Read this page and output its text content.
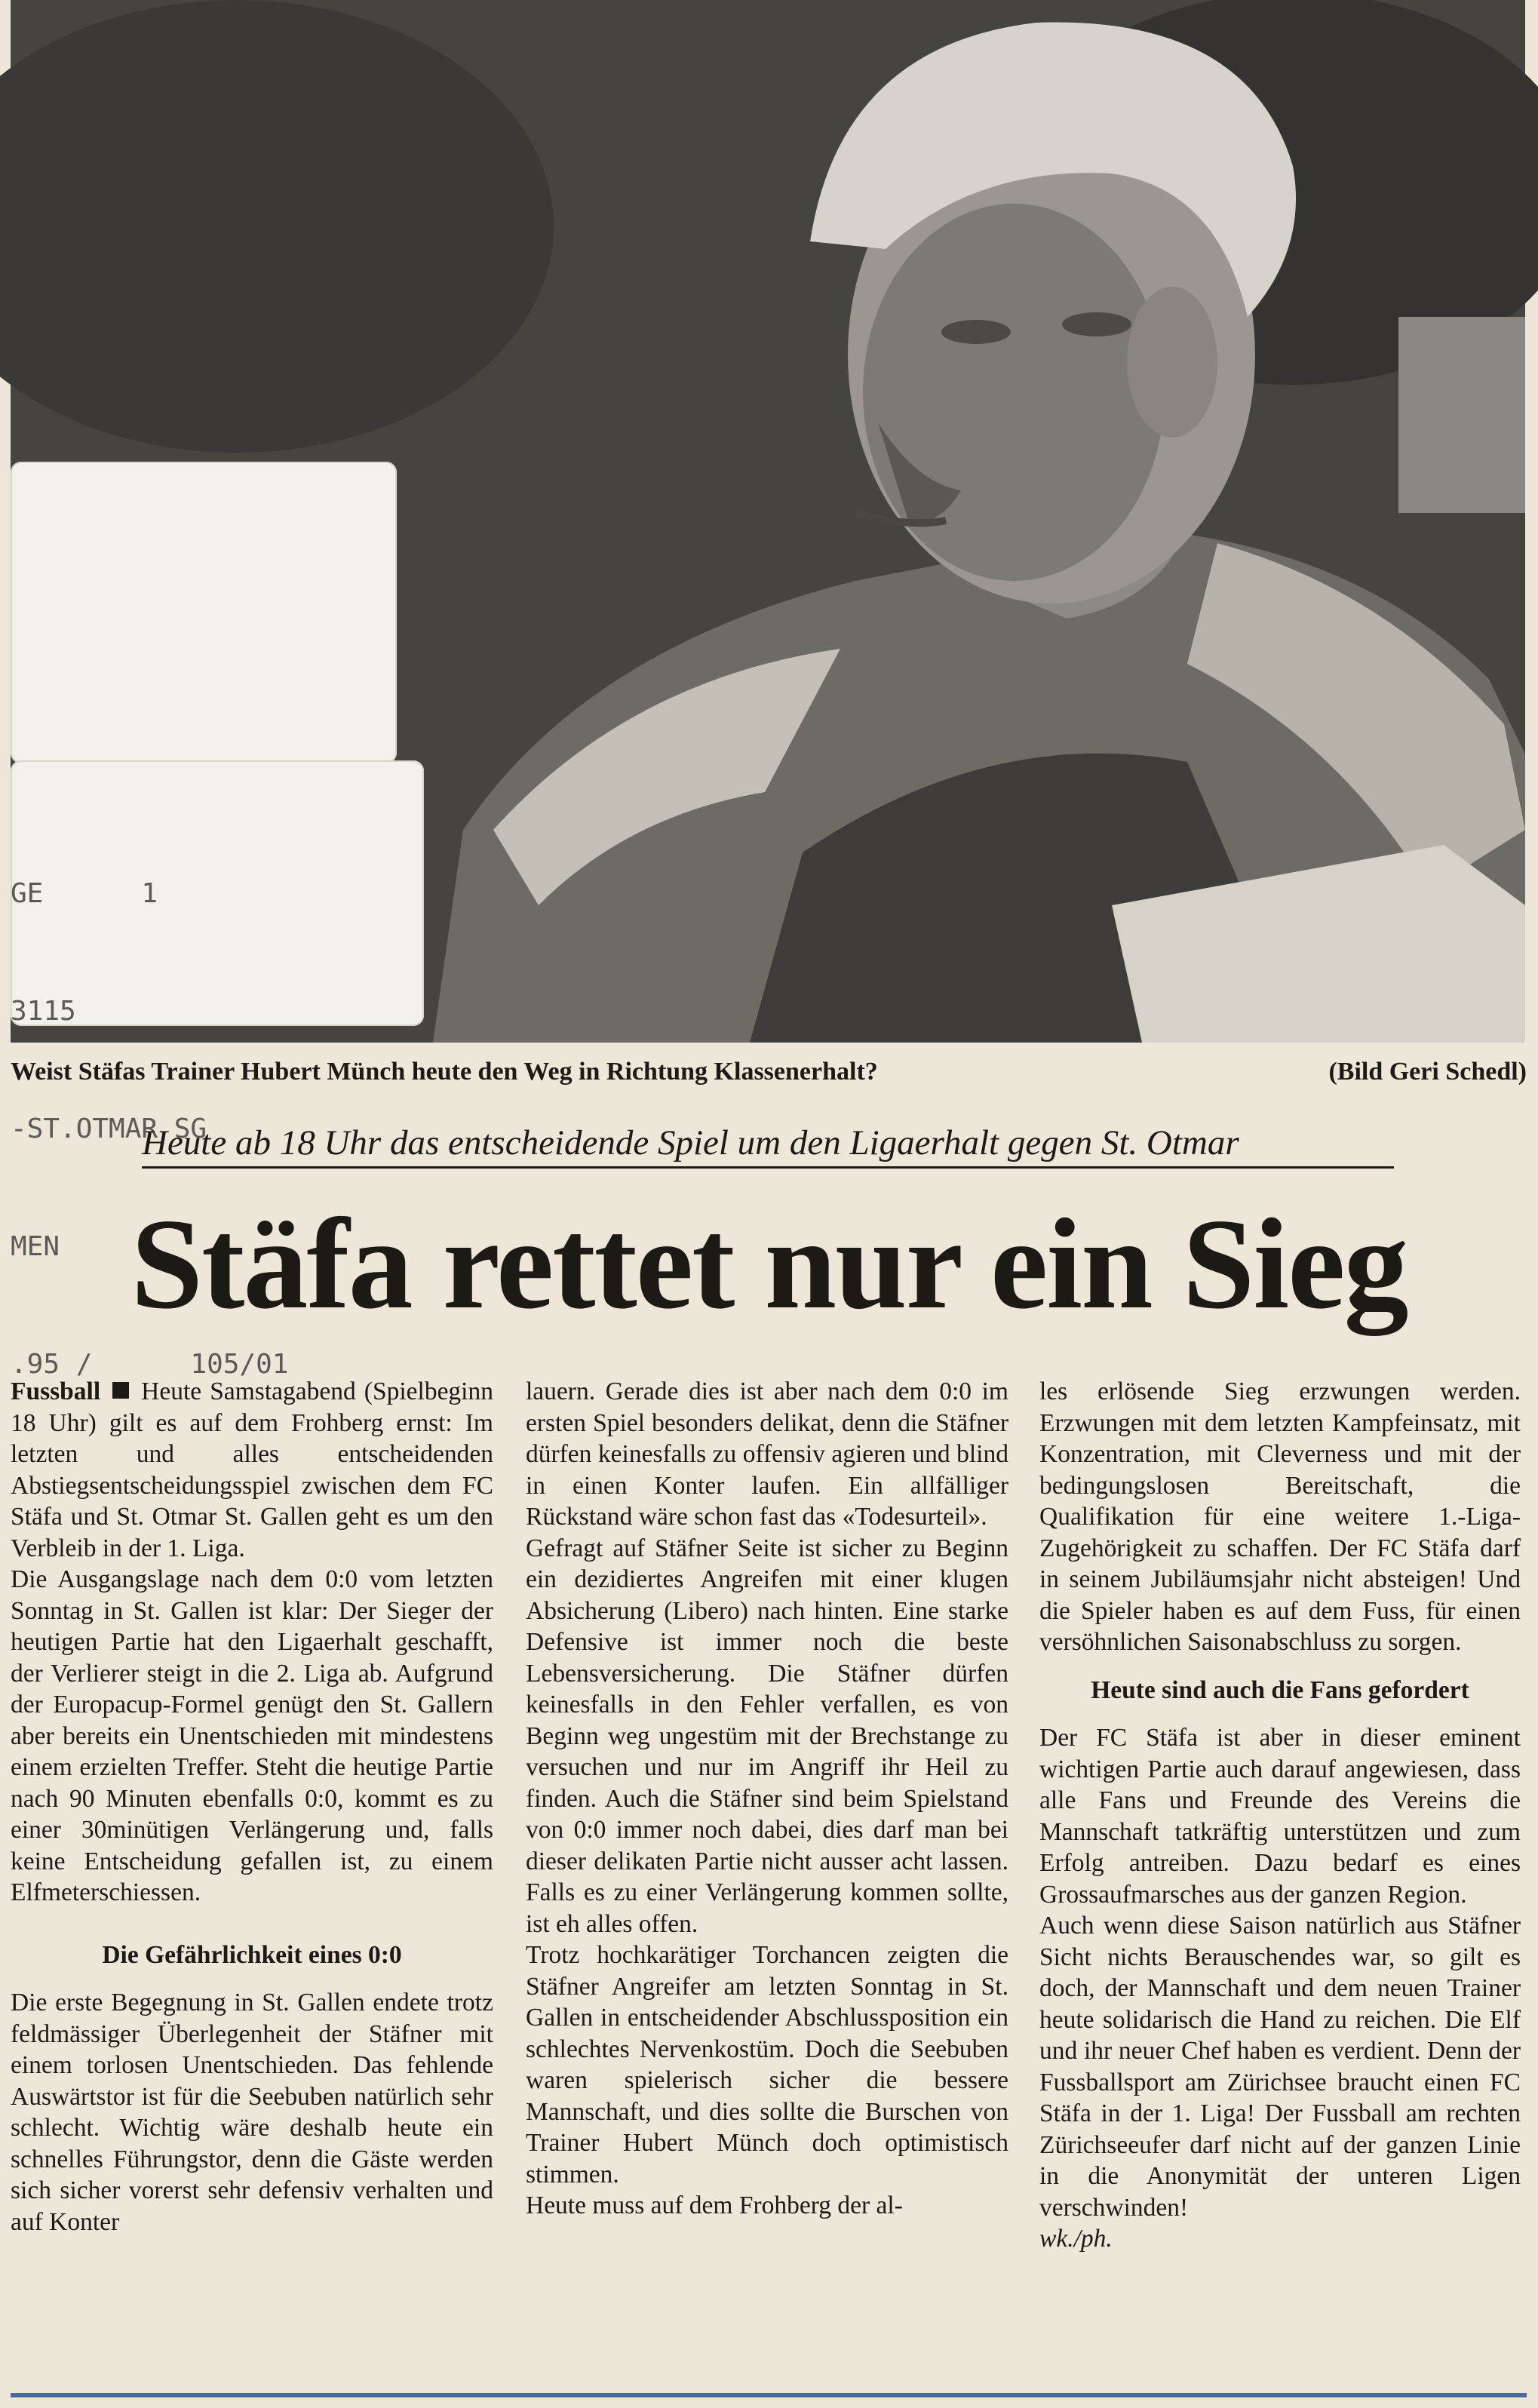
GE      1

3115

-ST.OTMAR SG

MEN

.95 /      105/01

Weist Stäfas Trainer Hubert Münch heute den Weg in Richtung Klassenerhalt?	(Bild Geri Schedl)
Heute ab 18 Uhr das entscheidende Spiel um den Ligaerhalt gegen St. Otmar
Stäfa rettet nur ein Sieg

Fussball Heute Samstagabend (Spielbeginn 18 Uhr) gilt es auf dem Frohberg ernst: Im letzten und alles entscheidenden Abstiegsentscheidungsspiel zwischen dem FC Stäfa und St. Otmar St. Gallen geht es um den Verbleib in der 1. Liga.

Die Ausgangslage nach dem 0:0 vom letzten Sonntag in St. Gallen ist klar: Der Sieger der heutigen Partie hat den Ligaerhalt geschafft, der Verlierer steigt in die 2. Liga ab. Aufgrund der Europacup-Formel genügt den St. Gallern aber bereits ein Unentschieden mit mindestens einem erzielten Treffer. Steht die heutige Partie nach 90 Minuten ebenfalls 0:0, kommt es zu einer 30minütigen Verlängerung und, falls keine Entscheidung gefallen ist, zu einem Elfmeterschiessen.

Die Gefährlichkeit eines 0:0

Die erste Begegnung in St. Gallen endete trotz feldmässiger Überlegenheit der Stäfner mit einem torlosen Unentschieden. Das fehlende Auswärtstor ist für die Seebuben natürlich sehr schlecht. Wichtig wäre deshalb heute ein schnelles Führungstor, denn die Gäste werden sich sicher vorerst sehr defensiv verhalten und auf Konter

lauern. Gerade dies ist aber nach dem 0:0 im ersten Spiel besonders delikat, denn die Stäfner dürfen keinesfalls zu offensiv agieren und blind in einen Konter laufen. Ein allfälliger Rückstand wäre schon fast das «Todesurteil».

Gefragt auf Stäfner Seite ist sicher zu Beginn ein dezidiertes Angreifen mit einer klugen Absicherung (Libero) nach hinten. Eine starke Defensive ist immer noch die beste Lebensversicherung. Die Stäfner dürfen keinesfalls in den Fehler verfallen, es von Beginn weg ungestüm mit der Brechstange zu versuchen und nur im Angriff ihr Heil zu finden. Auch die Stäfner sind beim Spielstand von 0:0 immer noch dabei, dies darf man bei dieser delikaten Partie nicht ausser acht lassen. Falls es zu einer Verlängerung kommen sollte, ist eh alles offen.

Trotz hochkarätiger Torchancen zeigten die Stäfner Angreifer am letzten Sonntag in St. Gallen in entscheidender Abschlussposition ein schlechtes Nervenkostüm. Doch die Seebuben waren spielerisch sicher die bessere Mannschaft, und dies sollte die Burschen von Trainer Hubert Münch doch optimistisch stimmen.

Heute muss auf dem Frohberg der al-

les erlösende Sieg erzwungen werden. Erzwungen mit dem letzten Kampfeinsatz, mit Konzentration, mit Cleverness und mit der bedingungslosen Bereitschaft, die Qualifikation für eine weitere 1.-Liga-Zugehörigkeit zu schaffen. Der FC Stäfa darf in seinem Jubiläumsjahr nicht absteigen! Und die Spieler haben es auf dem Fuss, für einen versöhnlichen Saisonabschluss zu sorgen.

Heute sind auch die Fans gefordert

Der FC Stäfa ist aber in dieser eminent wichtigen Partie auch darauf angewiesen, dass alle Fans und Freunde des Vereins die Mannschaft tatkräftig unterstützen und zum Erfolg antreiben. Dazu bedarf es eines Grossaufmarsches aus der ganzen Region.

Auch wenn diese Saison natürlich aus Stäfner Sicht nichts Berauschendes war, so gilt es doch, der Mannschaft und dem neuen Trainer heute solidarisch die Hand zu reichen. Die Elf und ihr neuer Chef haben es verdient. Denn der Fussballsport am Zürichsee braucht einen FC Stäfa in der 1. Liga! Der Fussball am rechten Zürichseeufer darf nicht auf der ganzen Linie in die Anonymität der unteren Ligen verschwinden!

wk./ph.
